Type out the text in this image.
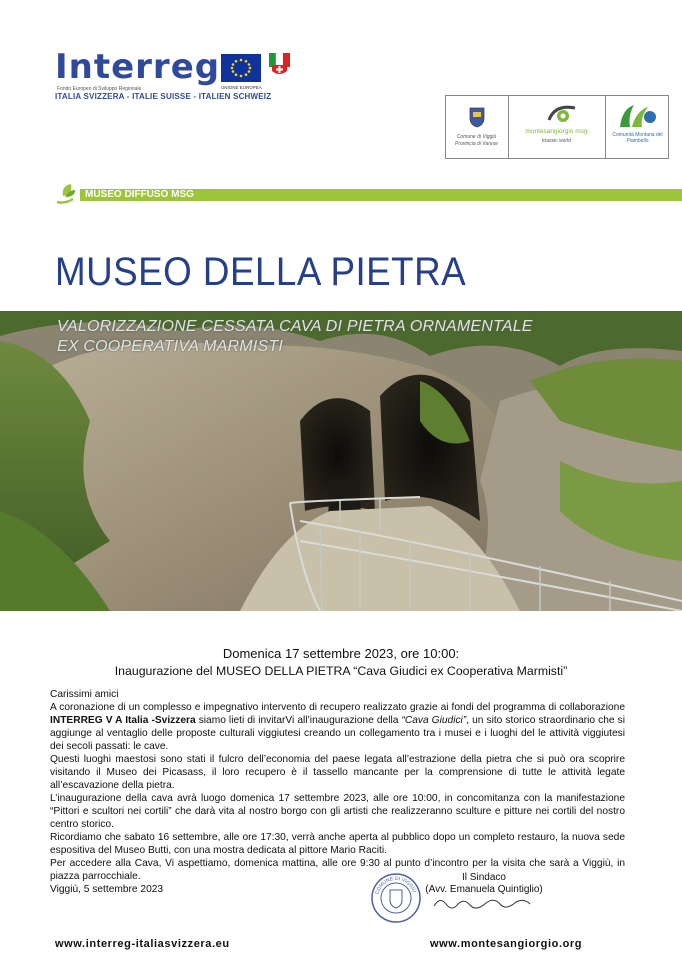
Interreg
Fondo Europeo di Sviluppo Regionale
ITALIA SVIZZERA - ITALIE SUISSE - ITALIEN SCHWEIZ
UNIONE EUROPEA
Comune di Viggiù
Provincia di Varese
montesangiorgio msg
triassic world
Comunità Montana del Piambello
MUSEO DIFFUSO MSG
MUSEO DELLA PIETRA
VALORIZZAZIONE CESSATA CAVA DI PIETRA ORNAMENTALE
EX COOPERATIVA MARMISTI
Domenica 17 settembre 2023, ore 10:00:
Inaugurazione del MUSEO DELLA PIETRA “Cava Giudici ex Cooperativa Marmisti”

Carissimi amici

A coronazione di un complesso e impegnativo intervento di recupero realizzato grazie ai fondi del programma di collaborazione INTERREG V A Italia -Svizzera siamo lieti di invitarVi all’inaugurazione della “Cava Giudici”, un sito storico straordinario che si aggiunge al ventaglio delle proposte culturali viggiutesi creando un collegamento tra i musei e i luoghi del le attività viggiutesi dei secoli passati: le cave.

Questi luoghi maestosi sono stati il fulcro dell’economia del paese legata all’estrazione della pietra che si può ora scoprire visitando il Museo dei Picasass, il loro recupero è il tassello mancante per la comprensione di tutte le attività legate all’escavazione della pietra.

L’inaugurazione della cava avrà luogo domenica 17 settembre 2023, alle ore 10:00, in concomitanza con la manifestazione “Pittori e scultori nei cortili” che darà vita al nostro borgo con gli artisti che realizzeranno sculture e pitture nei cortili del nostro centro storico.

Ricordiamo che sabato 16 settembre, alle ore 17:30, verrà anche aperta al pubblico dopo un completo restauro, la nuova sede espositiva del Museo Butti, con una mostra dedicata al pittore Mario Raciti.

Per accedere alla Cava, Vi aspettiamo, domenica mattina, alle ore 9:30 al punto d’incontro per la visita che sarà a Viggiù, in piazza parrocchiale.

Viggiù, 5 settembre 2023	COMUNE DI VIGGIÙ
Il Sindaco
(Avv. Emanuela Quintiglio)
www.interreg-italiasvizzera.eu	www.montesangiorgio.org
